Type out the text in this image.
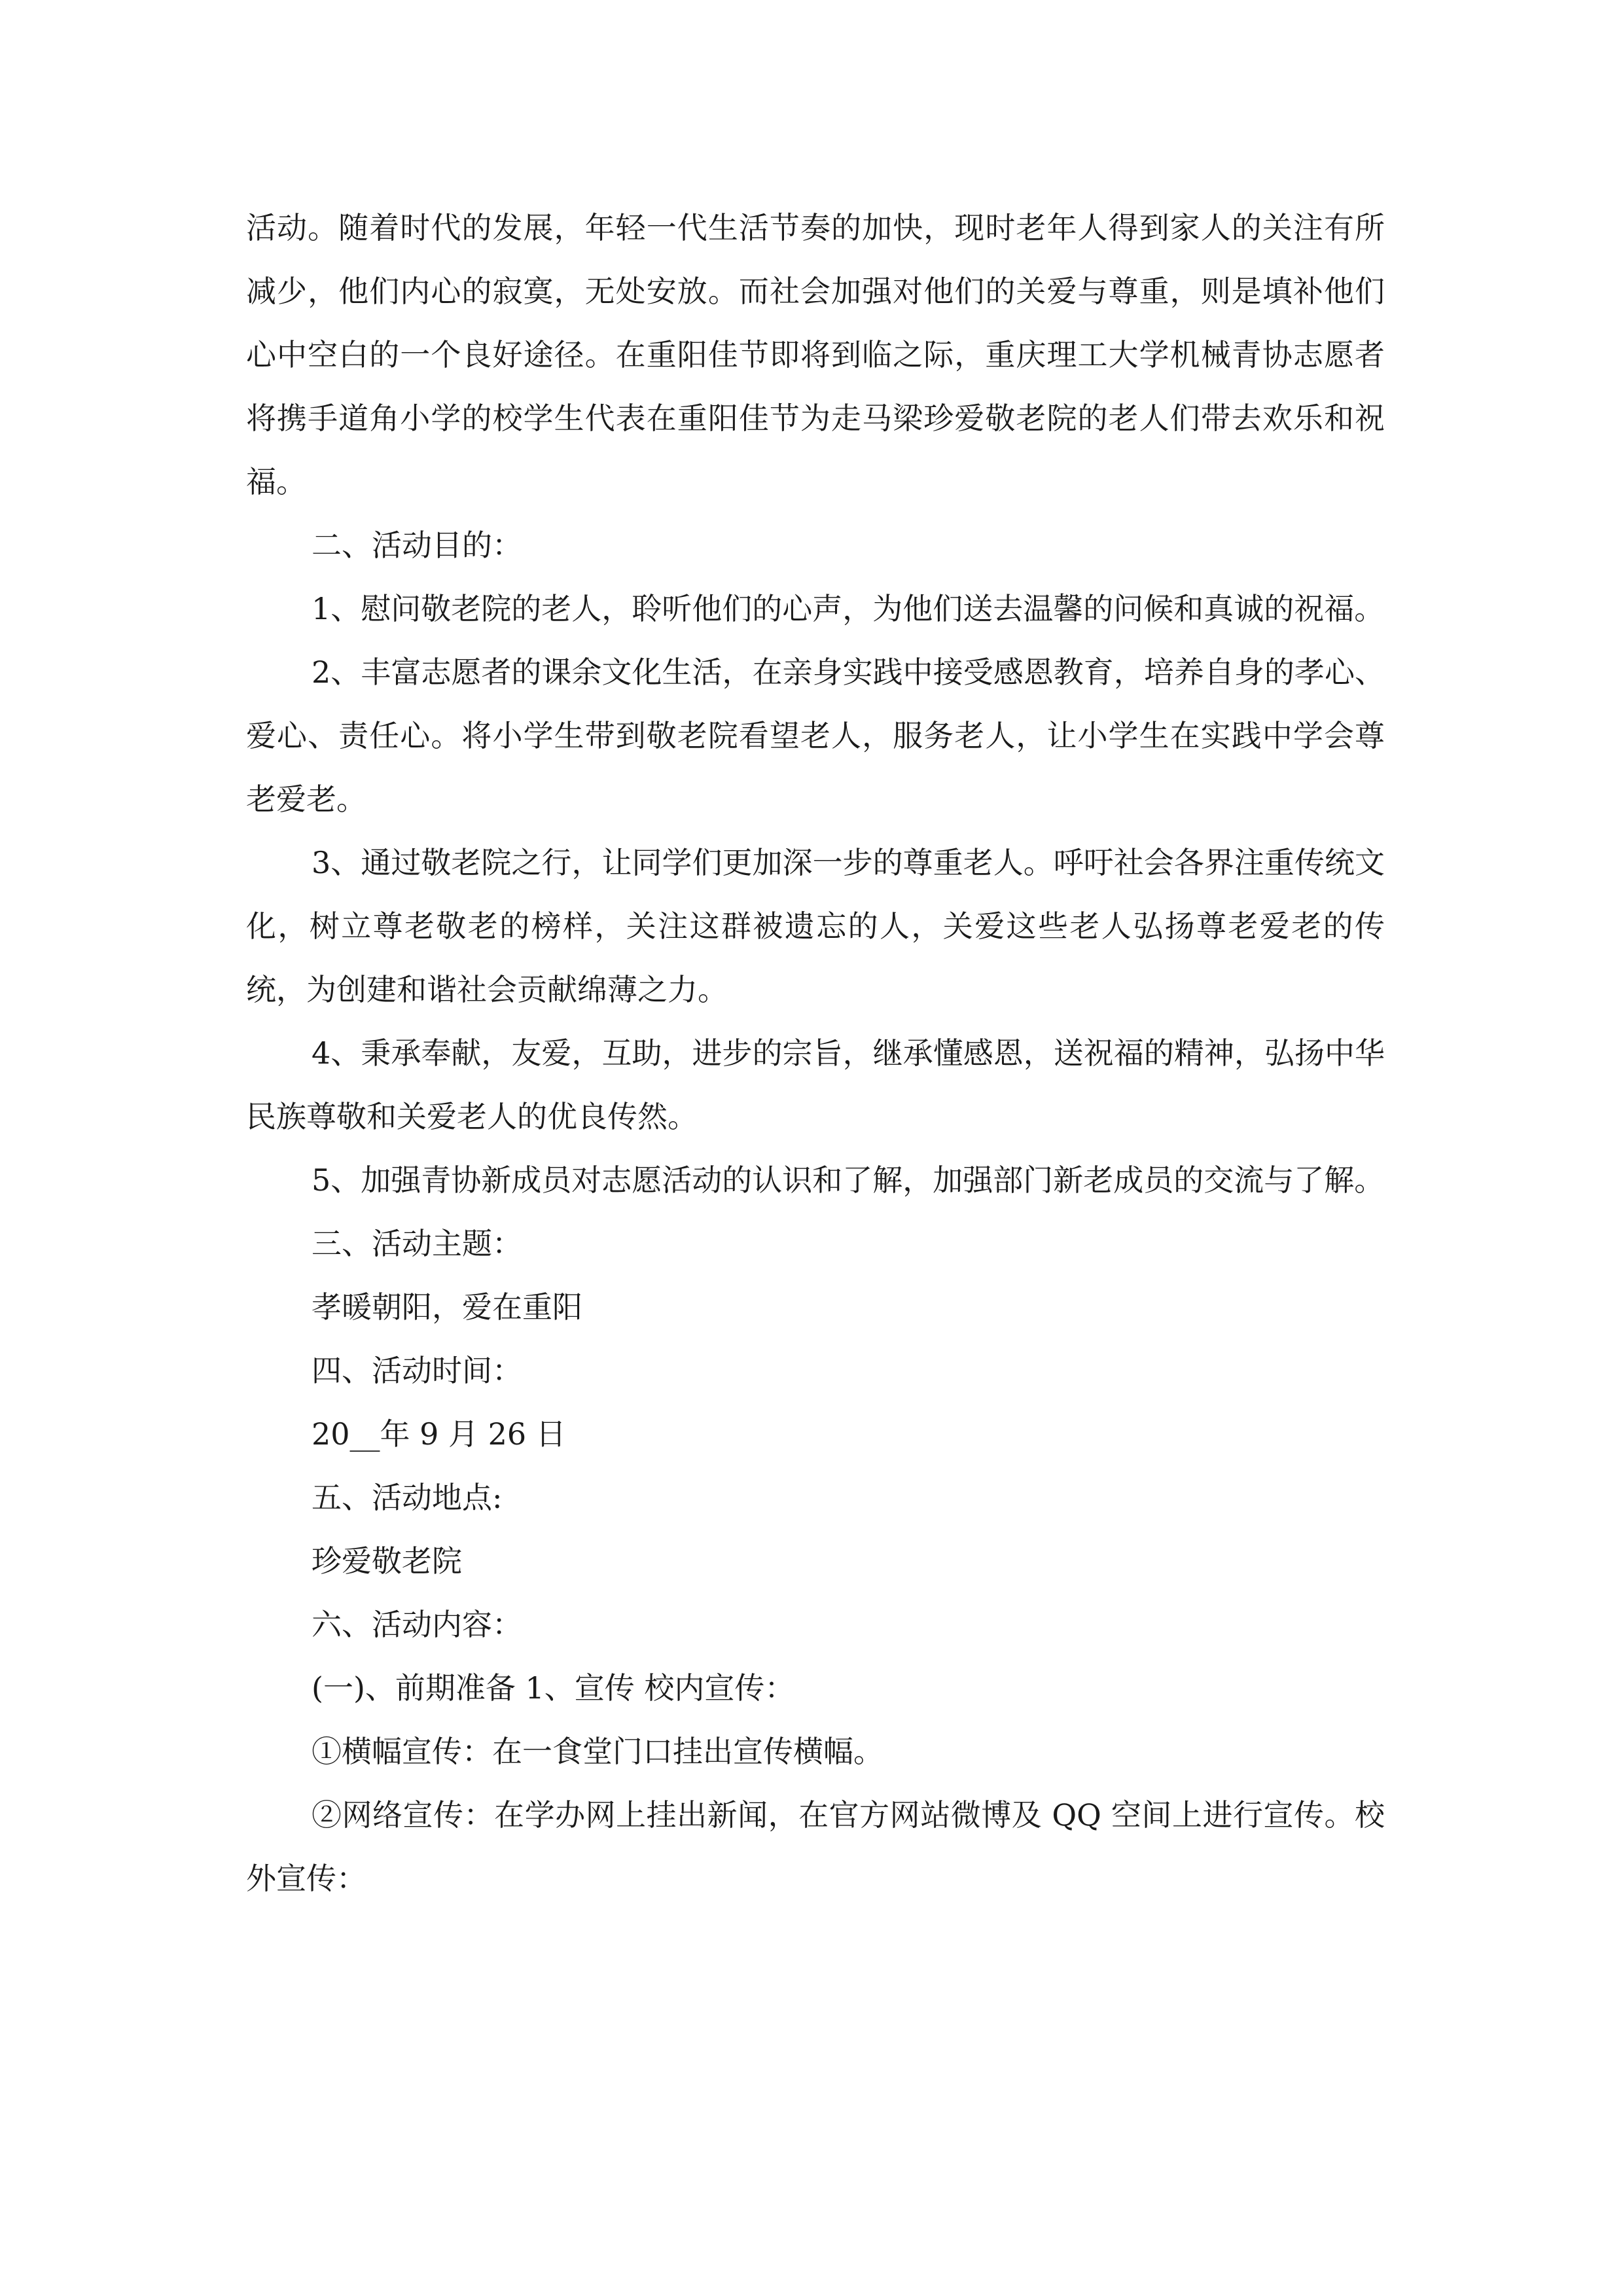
活动。随着时代的发展，年轻一代生活节奏的加快，现时老年人得到家人的关注有所减少，他们内心的寂寞，无处安放。而社会加强对他们的关爱与尊重，则是填补他们心中空白的一个良好途径。在重阳佳节即将到临之际，重庆理工大学机械青协志愿者将携手道角小学的校学生代表在重阳佳节为走马梁珍爱敬老院的老人们带去欢乐和祝福。

二、活动目的：

1、慰问敬老院的老人，聆听他们的心声，为他们送去温馨的问候和真诚的祝福。

2、丰富志愿者的课余文化生活，在亲身实践中接受感恩教育，培养自身的孝心、爱心、责任心。将小学生带到敬老院看望老人，服务老人，让小学生在实践中学会尊老爱老。

3、通过敬老院之行，让同学们更加深一步的尊重老人。呼吁社会各界注重传统文化，树立尊老敬老的榜样，关注这群被遗忘的人，关爱这些老人弘扬尊老爱老的传统，为创建和谐社会贡献绵薄之力。

4、秉承奉献，友爱，互助，进步的宗旨，继承懂感恩，送祝福的精神，弘扬中华民族尊敬和关爱老人的优良传然。

5、加强青协新成员对志愿活动的认识和了解，加强部门新老成员的交流与了解。

三、活动主题：

孝暖朝阳，爱在重阳

四、活动时间：

20__年 9 月 26 日

五、活动地点:

珍爱敬老院

六、活动内容：

(一)、前期准备 1、宣传 校内宣传：

①横幅宣传：在一食堂门口挂出宣传横幅。

②网络宣传：在学办网上挂出新闻，在官方网站微博及 QQ 空间上进行宣传。校外宣传：
